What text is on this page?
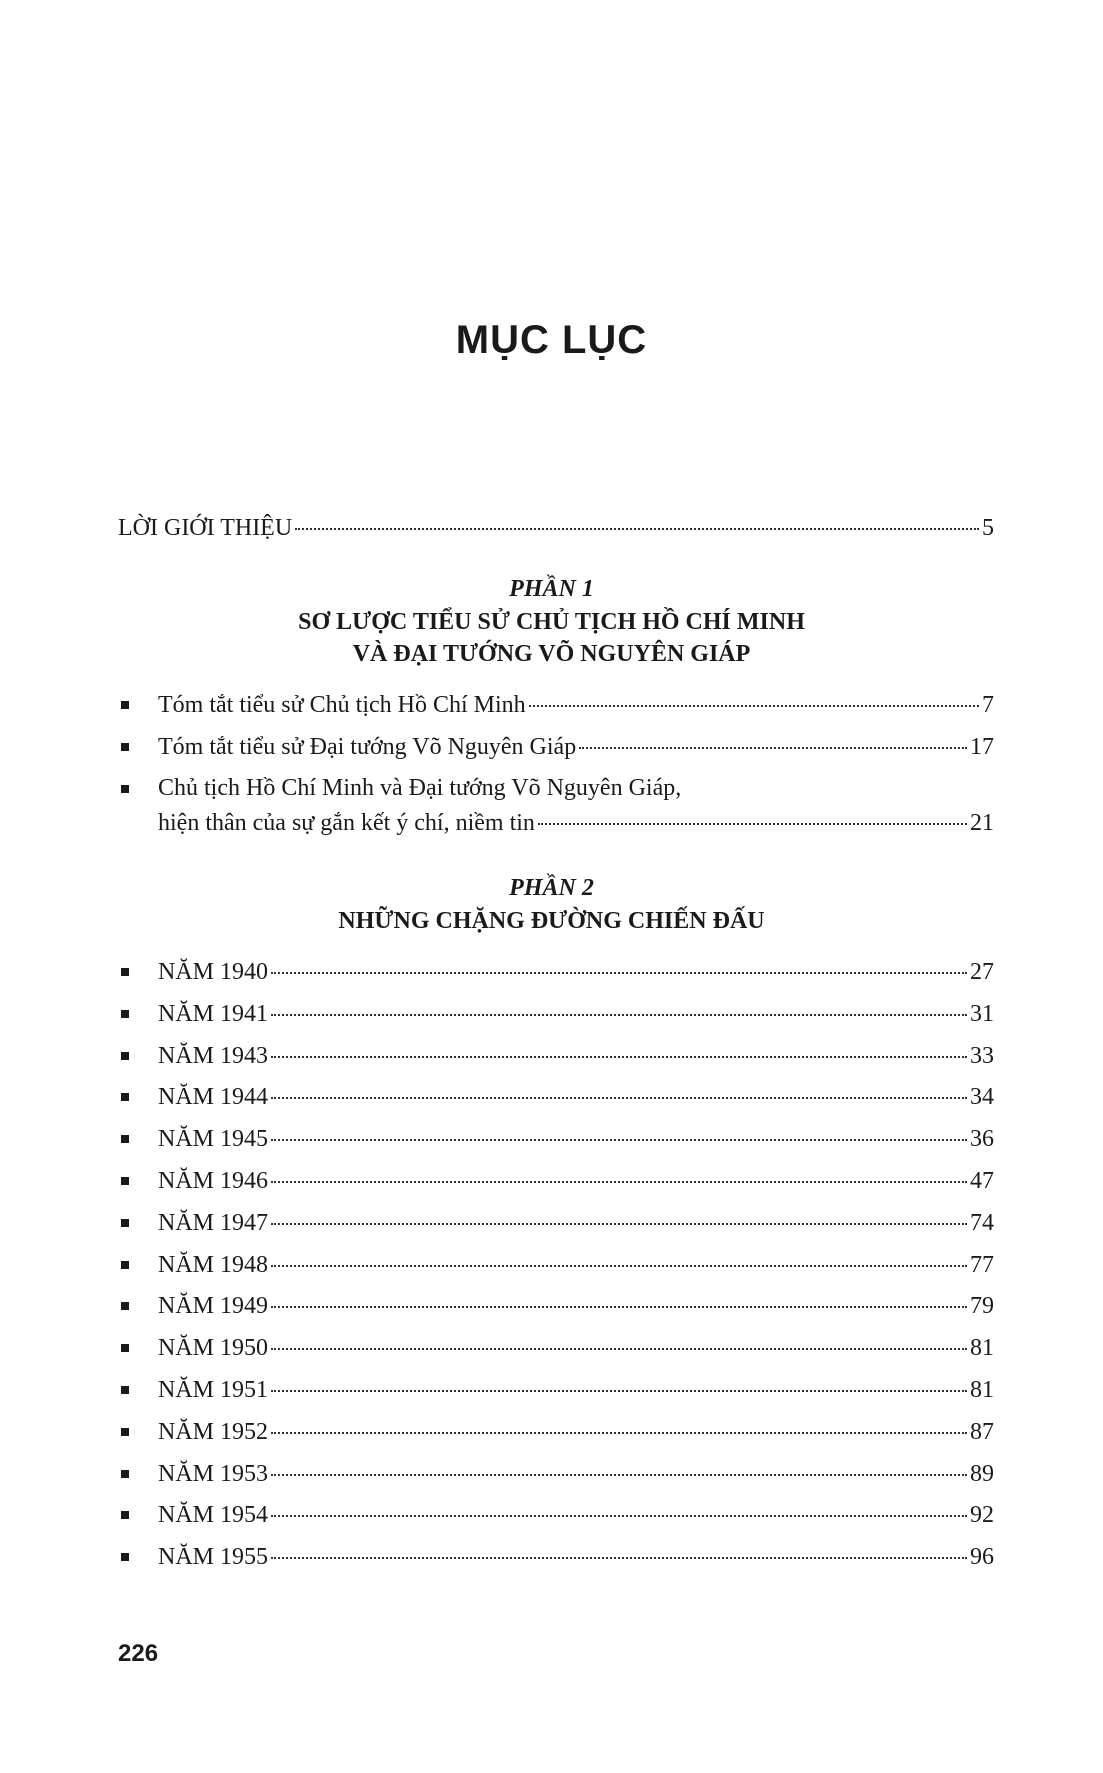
MỤC LỤC
LỜI GIỚI THIỆU	5
PHẦN 1
SƠ LƯỢC TIỂU SỬ CHỦ TỊCH HỒ CHÍ MINH
VÀ ĐẠI TƯỚNG VÕ NGUYÊN GIÁP
Tóm tắt tiểu sử Chủ tịch Hồ Chí Minh	7
Tóm tắt tiểu sử Đại tướng Võ Nguyên Giáp	17
Chủ tịch Hồ Chí Minh và Đại tướng Võ Nguyên Giáp,
hiện thân của sự gắn kết ý chí, niềm tin	21
PHẦN 2
NHỮNG CHẶNG ĐƯỜNG CHIẾN ĐẤU
NĂM 1940	27
NĂM 1941	31
NĂM 1943	33
NĂM 1944	34
NĂM 1945	36
NĂM 1946	47
NĂM 1947	74
NĂM 1948	77
NĂM 1949	79
NĂM 1950	81
NĂM 1951	81
NĂM 1952	87
NĂM 1953	89
NĂM 1954	92
NĂM 1955	96
226
